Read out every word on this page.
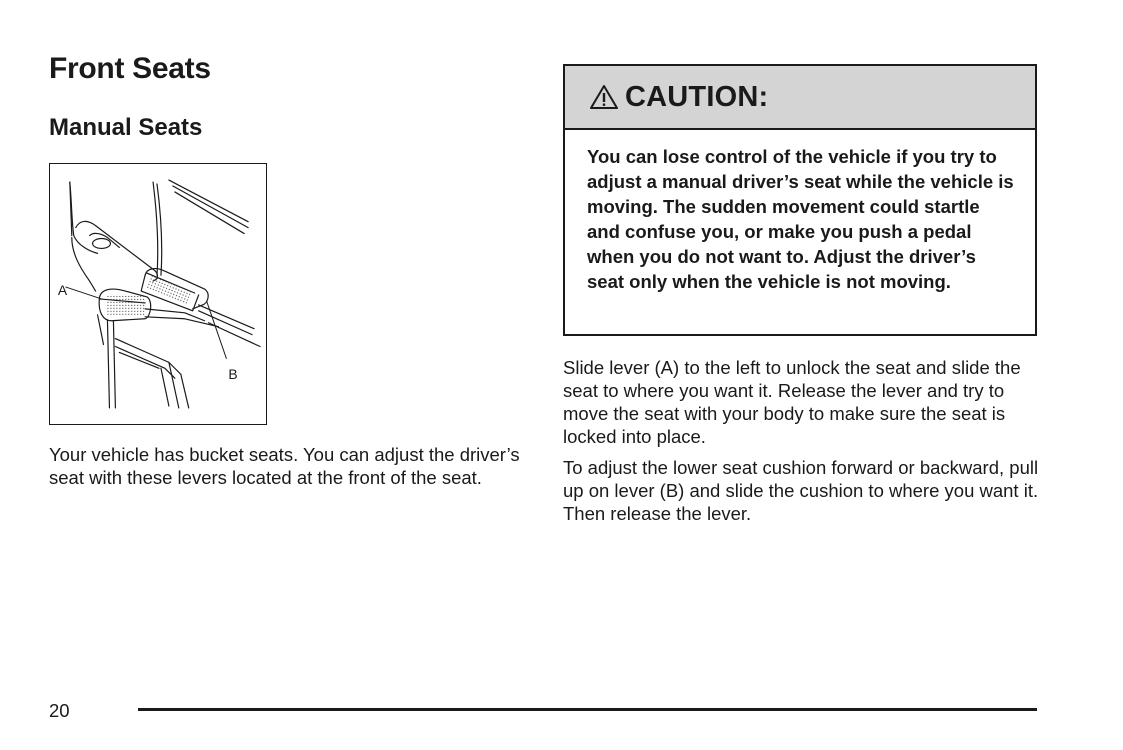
Front Seats
Manual Seats
A
B

Your vehicle has bucket seats. You can adjust the driver’s seat with these levers located at the front of the seat.

CAUTION:

You can lose control of the vehicle if you try to adjust a manual driver’s seat while the vehicle is moving. The sudden movement could startle and confuse you, or make you push a pedal when you do not want to. Adjust the driver’s seat only when the vehicle is not moving.

Slide lever (A) to the left to unlock the seat and slide the seat to where you want it. Release the lever and try to move the seat with your body to make sure the seat is locked into place.

To adjust the lower seat cushion forward or backward, pull up on lever (B) and slide the cushion to where you want it. Then release the lever.

20
